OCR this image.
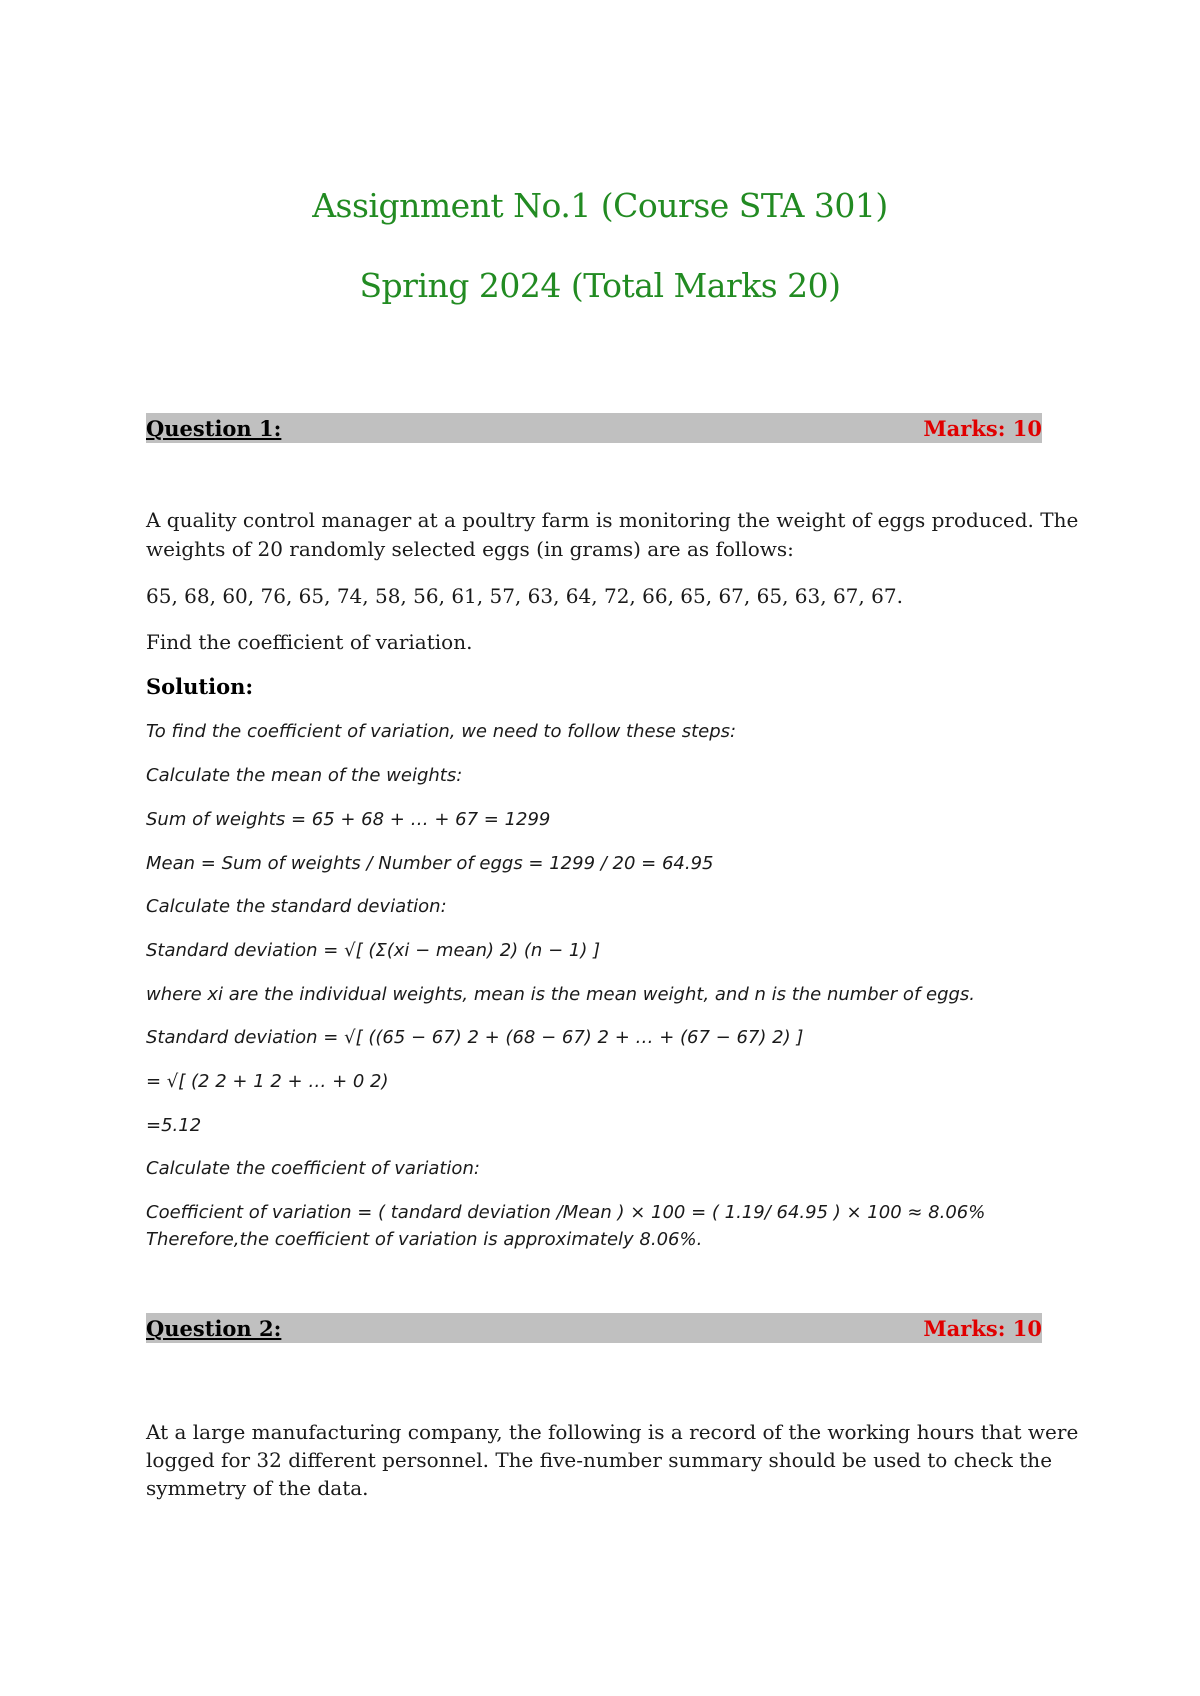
Assignment No.1 (Course STA 301)
Spring 2024 (Total Marks 20)
Question 1:	Marks: 10
A quality control manager at a poultry farm is monitoring the weight of eggs produced. The
weights of 20 randomly selected eggs (in grams) are as follows:
65, 68, 60, 76, 65, 74, 58, 56, 61, 57, 63, 64, 72, 66, 65, 67, 65, 63, 67, 67.
Find the coefficient of variation.
Solution:
To find the coefficient of variation, we need to follow these steps:
Calculate the mean of the weights:
Sum of weights = 65 + 68 + … + 67 = 1299
Mean = Sum of weights / Number of eggs = 1299 / 20 = 64.95
Calculate the standard deviation:
Standard deviation = √[ (Σ(xi − mean) 2) (n − 1) ]
where xi are the individual weights, mean is the mean weight, and n is the number of eggs.
Standard deviation = √[ ((65 − 67) 2 + (68 − 67) 2 + … + (67 − 67) 2) ]
= √[ (2 2 + 1 2 + … + 0 2)
=5.12
Calculate the coefficient of variation:
Coefficient of variation = ( tandard deviation /Mean ) × 100 = ( 1.19/ 64.95 ) × 100 ≈ 8.06%
Therefore,the coefficient of variation is approximately 8.06%.
Question 2:	Marks: 10
At a large manufacturing company, the following is a record of the working hours that were
logged for 32 different personnel. The five-number summary should be used to check the
symmetry of the data.
